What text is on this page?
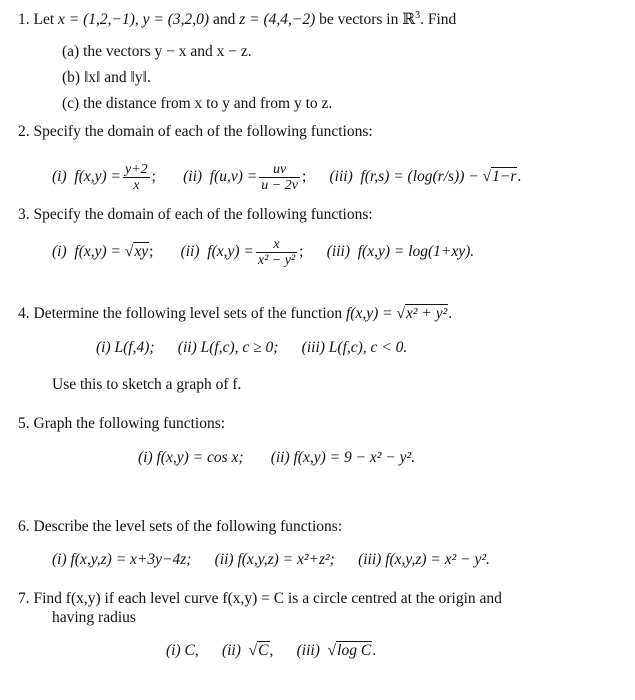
1. Let x = (1,2,−1), y = (3,2,0) and z = (4,4,−2) be vectors in ℝ$^3$. Find
(a) the vectors y − x and x − z.
(b) ‖x‖ and ‖y‖.
(c) the distance from x to y and from y to z.
2. Specify the domain of each of the following functions:
(i) $f(x,y) = \frac{y+2}{x}$ ;       (ii) $f(u,v) = \frac{uv}{u - 2v}$ ;      (iii) f(r,s) = (log(r/s)) − √1−r.
3. Specify the domain of each of the following functions:
(i) f(x,y) = √xy;       (ii) $f(x,y) = \frac{x}{\text{x² − y²}}$ ;      (iii) f(x,y) = log(1+xy).
4. Determine the following level sets of the function f(x,y) = √x² + y².
(i) L(f,4); (ii) L(f,c), c ≥ 0; (iii) L(f,c), c < 0.
Use this to sketch a graph of f.
5. Graph the following functions:
(i) f(x,y) = cos x; (ii) f(x,y) = 9 − x² − y².
6. Describe the level sets of the following functions:
(i) f(x,y,z) = x+3y−4z; (ii) f(x,y,z) = x²+z²; (iii) f(x,y,z) = x² − y².
7. Find f(x,y) if each level curve f(x,y) = C is a circle centred at the origin and
having radius
(i) C, (ii) √C, (iii) √log C.
